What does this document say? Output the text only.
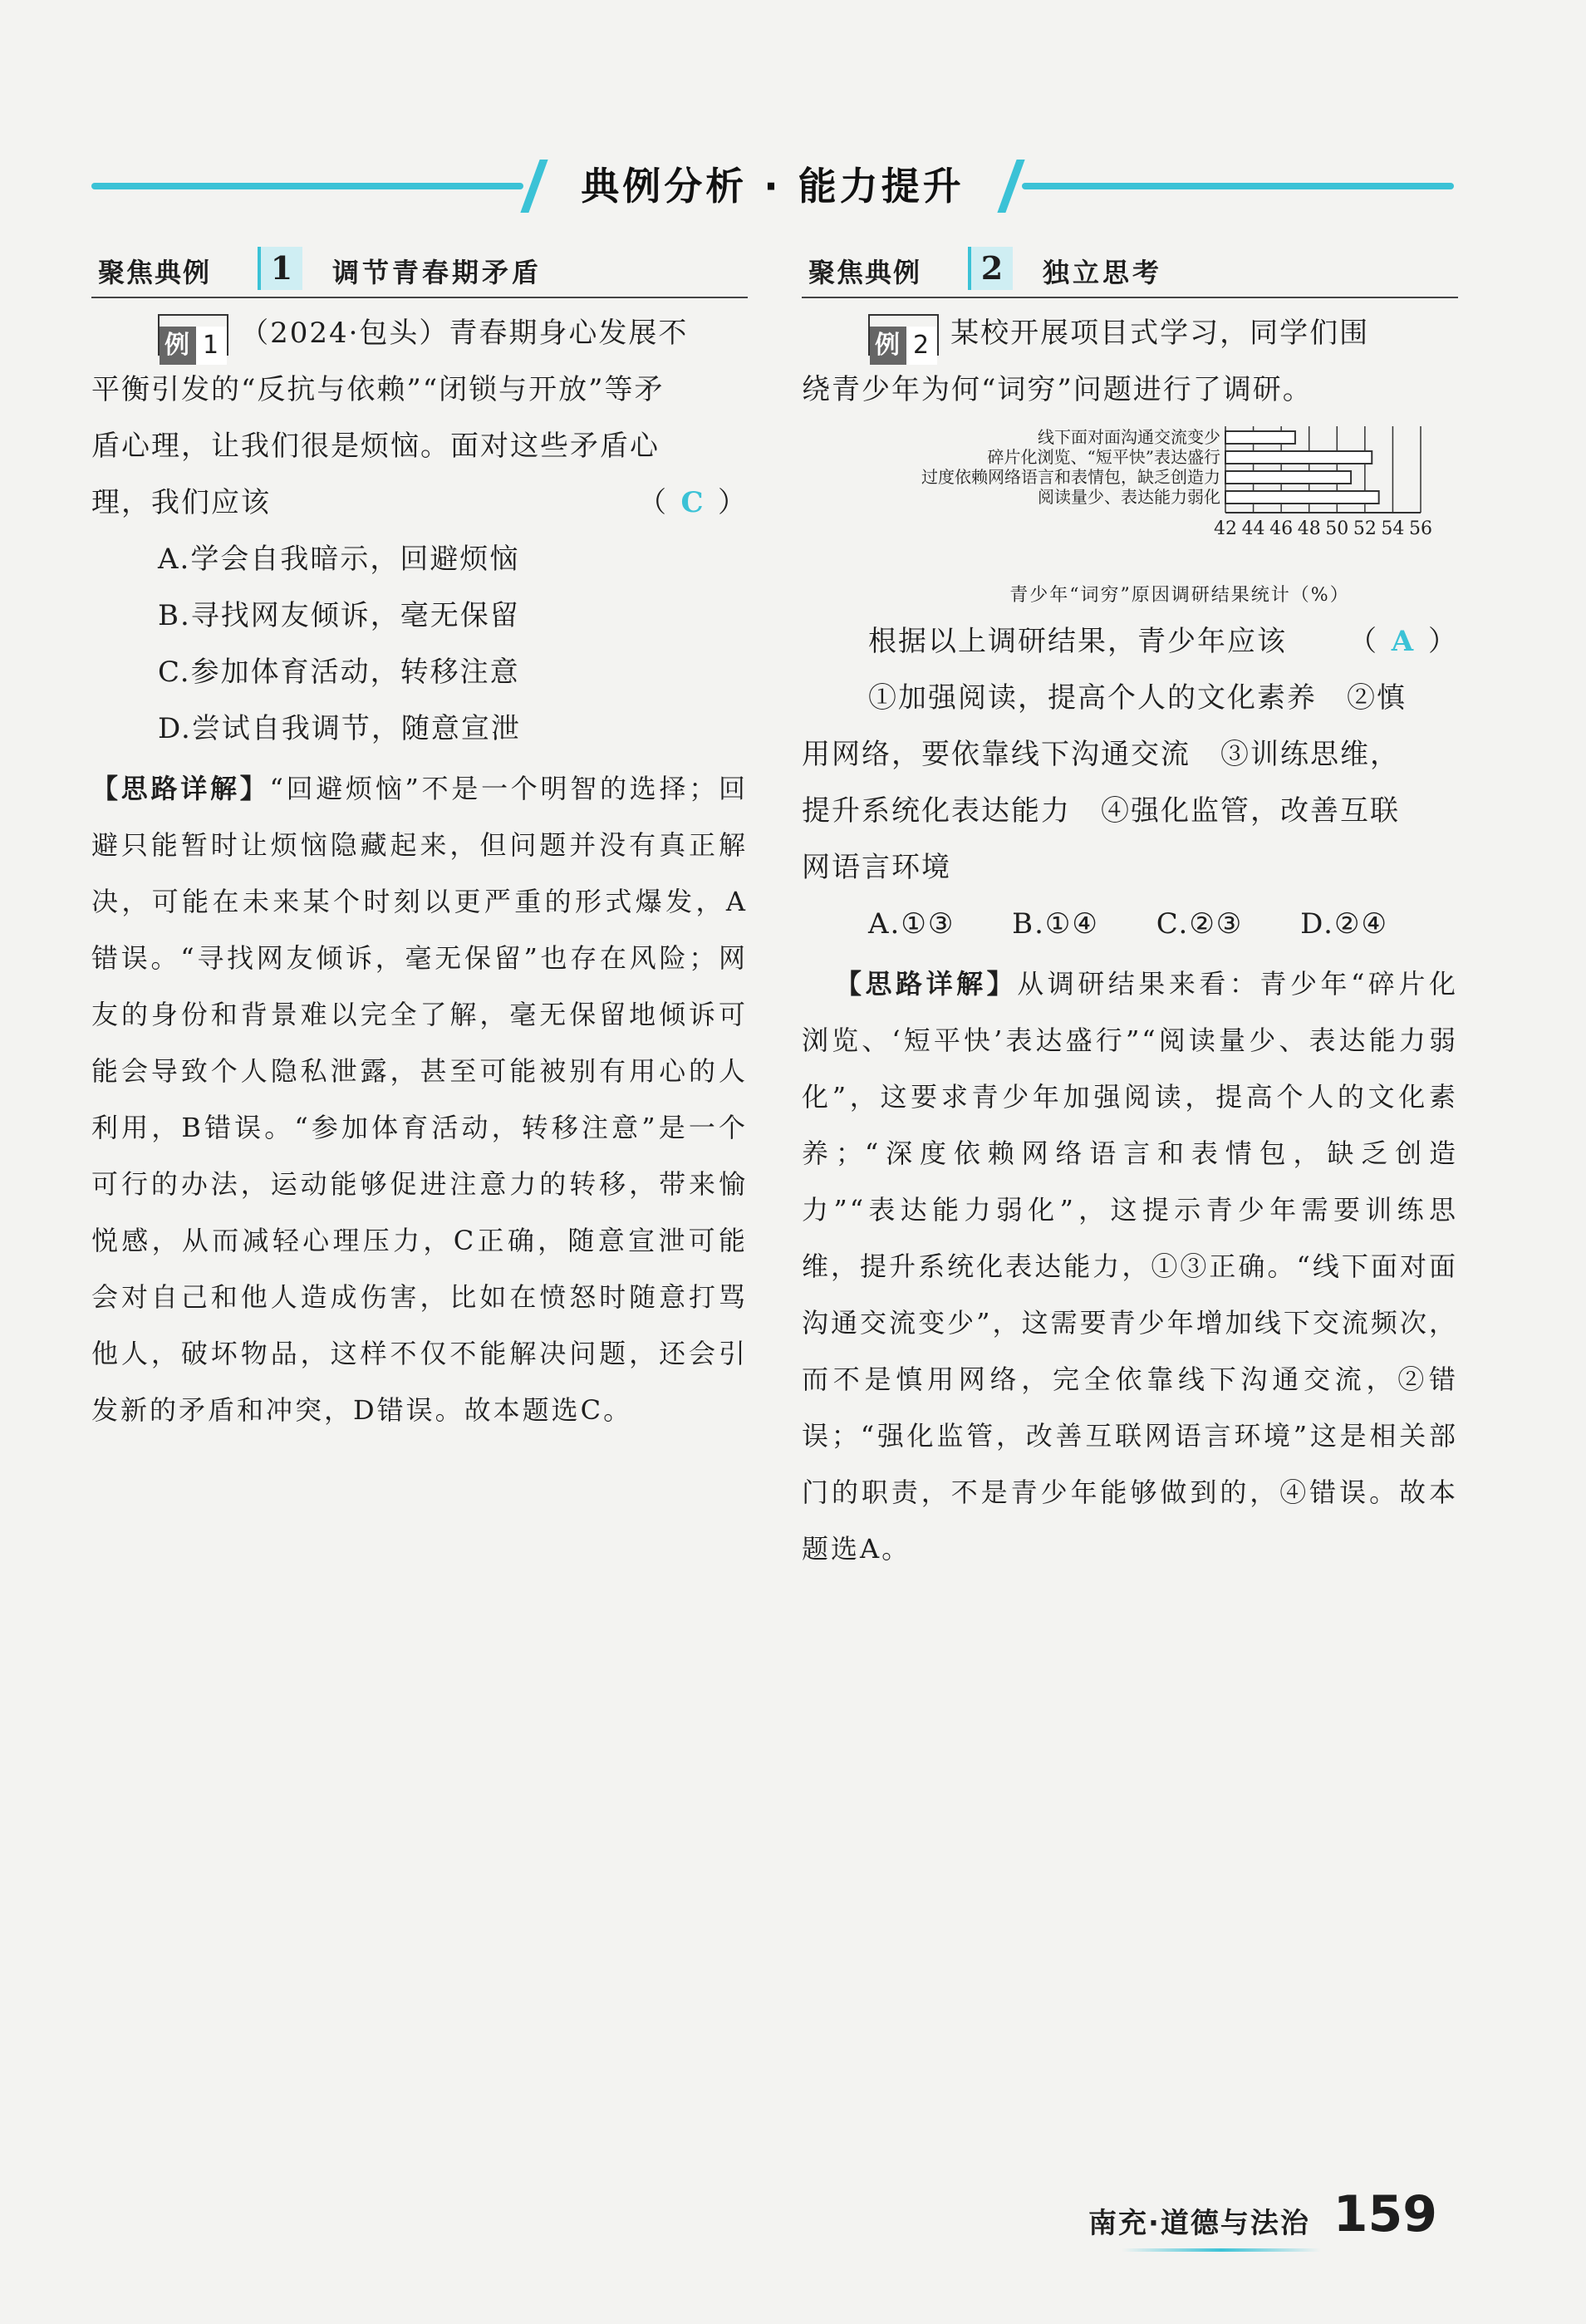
典例分析 · 能力提升
聚焦典例	1	调节青春期矛盾
例 1 （2024·包头）青春期身心发展不
平衡引发的“反抗与依赖”“闭锁与开放”等矛
盾心理，让我们很是烦恼。面对这些矛盾心
理，我们应该	（ C ）
A.学会自我暗示，回避烦恼
B.寻找网友倾诉，毫无保留
C.参加体育活动，转移注意
D.尝试自我调节，随意宣泄
【思路详解】“回避烦恼”不是一个明智的选择；回避只能暂时让烦恼隐藏起来，但问题并没有真正解决，可能在未来某个时刻以更严重的形式爆发，A错误。“寻找网友倾诉，毫无保留”也存在风险；网友的身份和背景难以完全了解，毫无保留地倾诉可能会导致个人隐私泄露，甚至可能被别有用心的人利用，B错误。“参加体育活动，转移注意”是一个可行的办法，运动能够促进注意力的转移，带来愉悦感，从而减轻心理压力，C正确，随意宣泄可能会对自己和他人造成伤害，比如在愤怒时随意打骂他人，破坏物品，这样不仅不能解决问题，还会引发新的矛盾和冲突，D错误。故本题选C。
聚焦典例	2	独立思考
例 2 某校开展项目式学习，同学们围
绕青少年为何“词穷”问题进行了调研。
42 44 46 48 50 52 54 56
线下面对面沟通交流变少
碎片化浏览、“短平快”表达盛行
过度依赖网络语言和表情包，缺乏创造力
阅读量少、表达能力弱化
青少年“词穷”原因调研结果统计（%）
根据以上调研结果，青少年应该 （ A ）
①加强阅读，提高个人的文化素养　②慎
用网络，要依靠线下沟通交流　③训练思维，
提升系统化表达能力　④强化监管，改善互联
网语言环境
A.①③ B.①④ C.②③ D.②④
【思路详解】从调研结果来看：青少年“碎片化浏览、‘短平快’表达盛行”“阅读量少、表达能力弱化”，这要求青少年加强阅读，提高个人的文化素养；“深度依赖网络语言和表情包，缺乏创造力”“表达能力弱化”，这提示青少年需要训练思维，提升系统化表达能力，①③正确。“线下面对面沟通交流变少”，这需要青少年增加线下交流频次，而不是慎用网络，完全依靠线下沟通交流，②错误；“强化监管，改善互联网语言环境”这是相关部门的职责，不是青少年能够做到的，④错误。故本题选A。
南充·道德与法治 159
